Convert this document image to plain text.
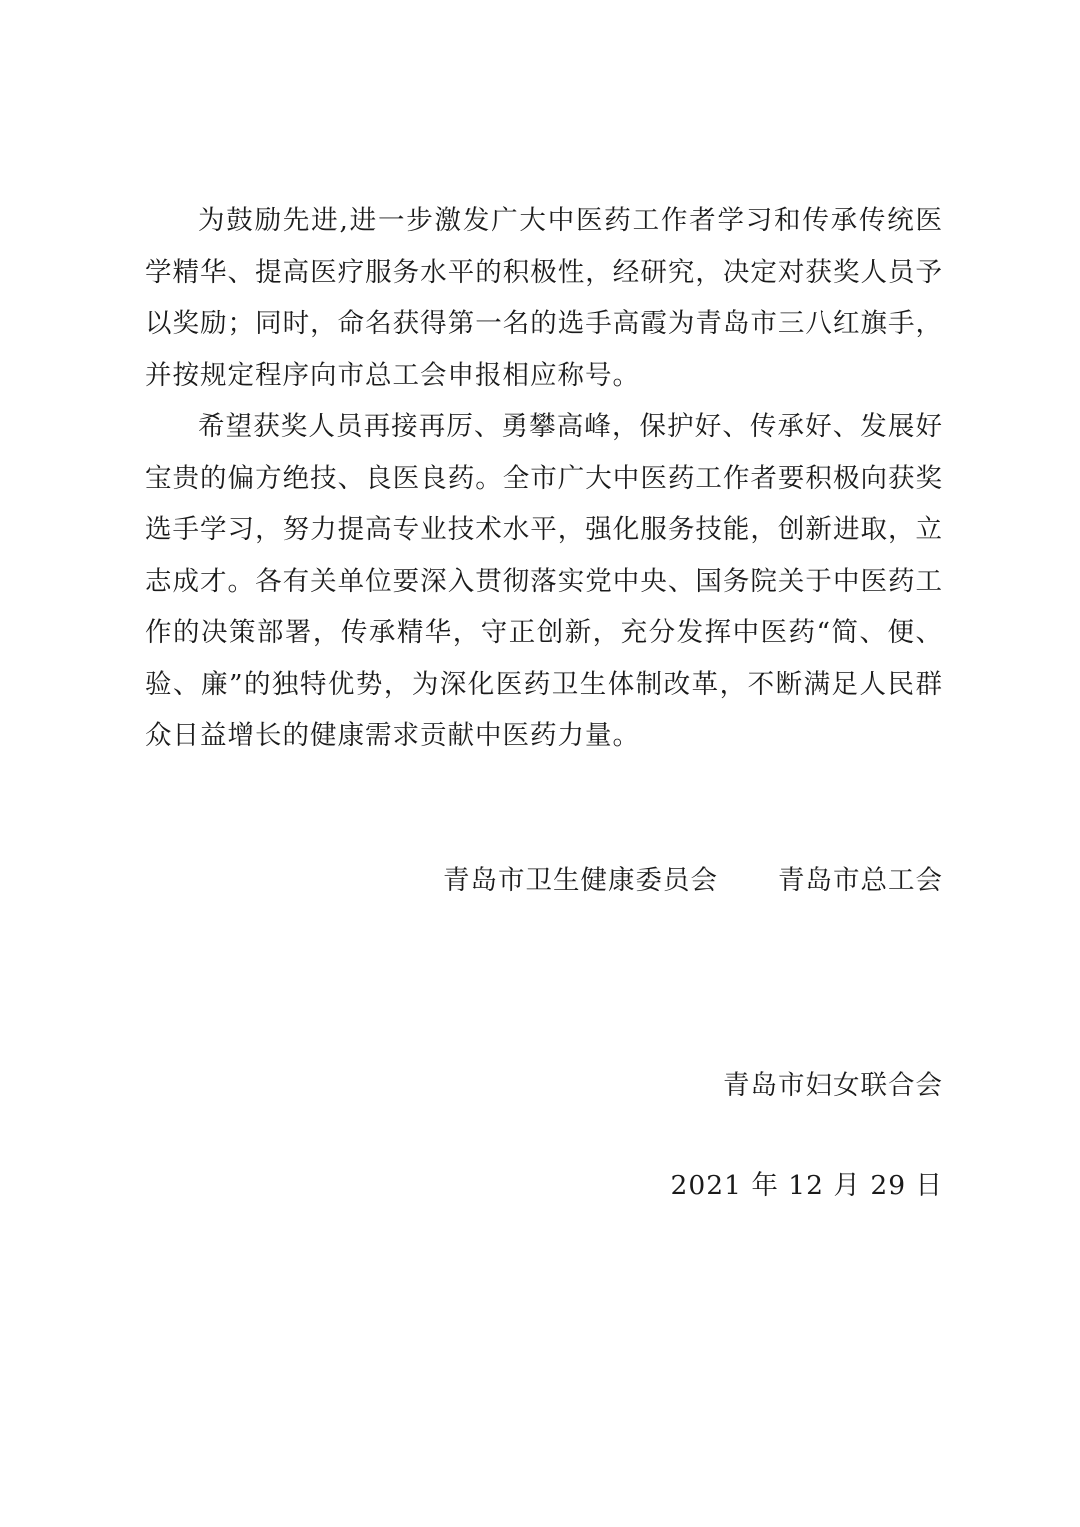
为鼓励先进,进一步激发广大中医药工作者学习和传承传统医学精华、提高医疗服务水平的积极性，经研究，决定对获奖人员予以奖励；同时，命名获得第一名的选手高霞为青岛市三八红旗手，并按规定程序向市总工会申报相应称号。

希望获奖人员再接再厉、勇攀高峰，保护好、传承好、发展好宝贵的偏方绝技、良医良药。全市广大中医药工作者要积极向获奖选手学习，努力提高专业技术水平，强化服务技能，创新进取，立志成才。各有关单位要深入贯彻落实党中央、国务院关于中医药工作的决策部署，传承精华，守正创新，充分发挥中医药“简、便、验、廉”的独特优势，为深化医药卫生体制改革，不断满足人民群众日益增长的健康需求贡献中医药力量。

青岛市卫生健康委员会 青岛市总工会
青岛市妇女联合会
2021 年 12 月 29 日
